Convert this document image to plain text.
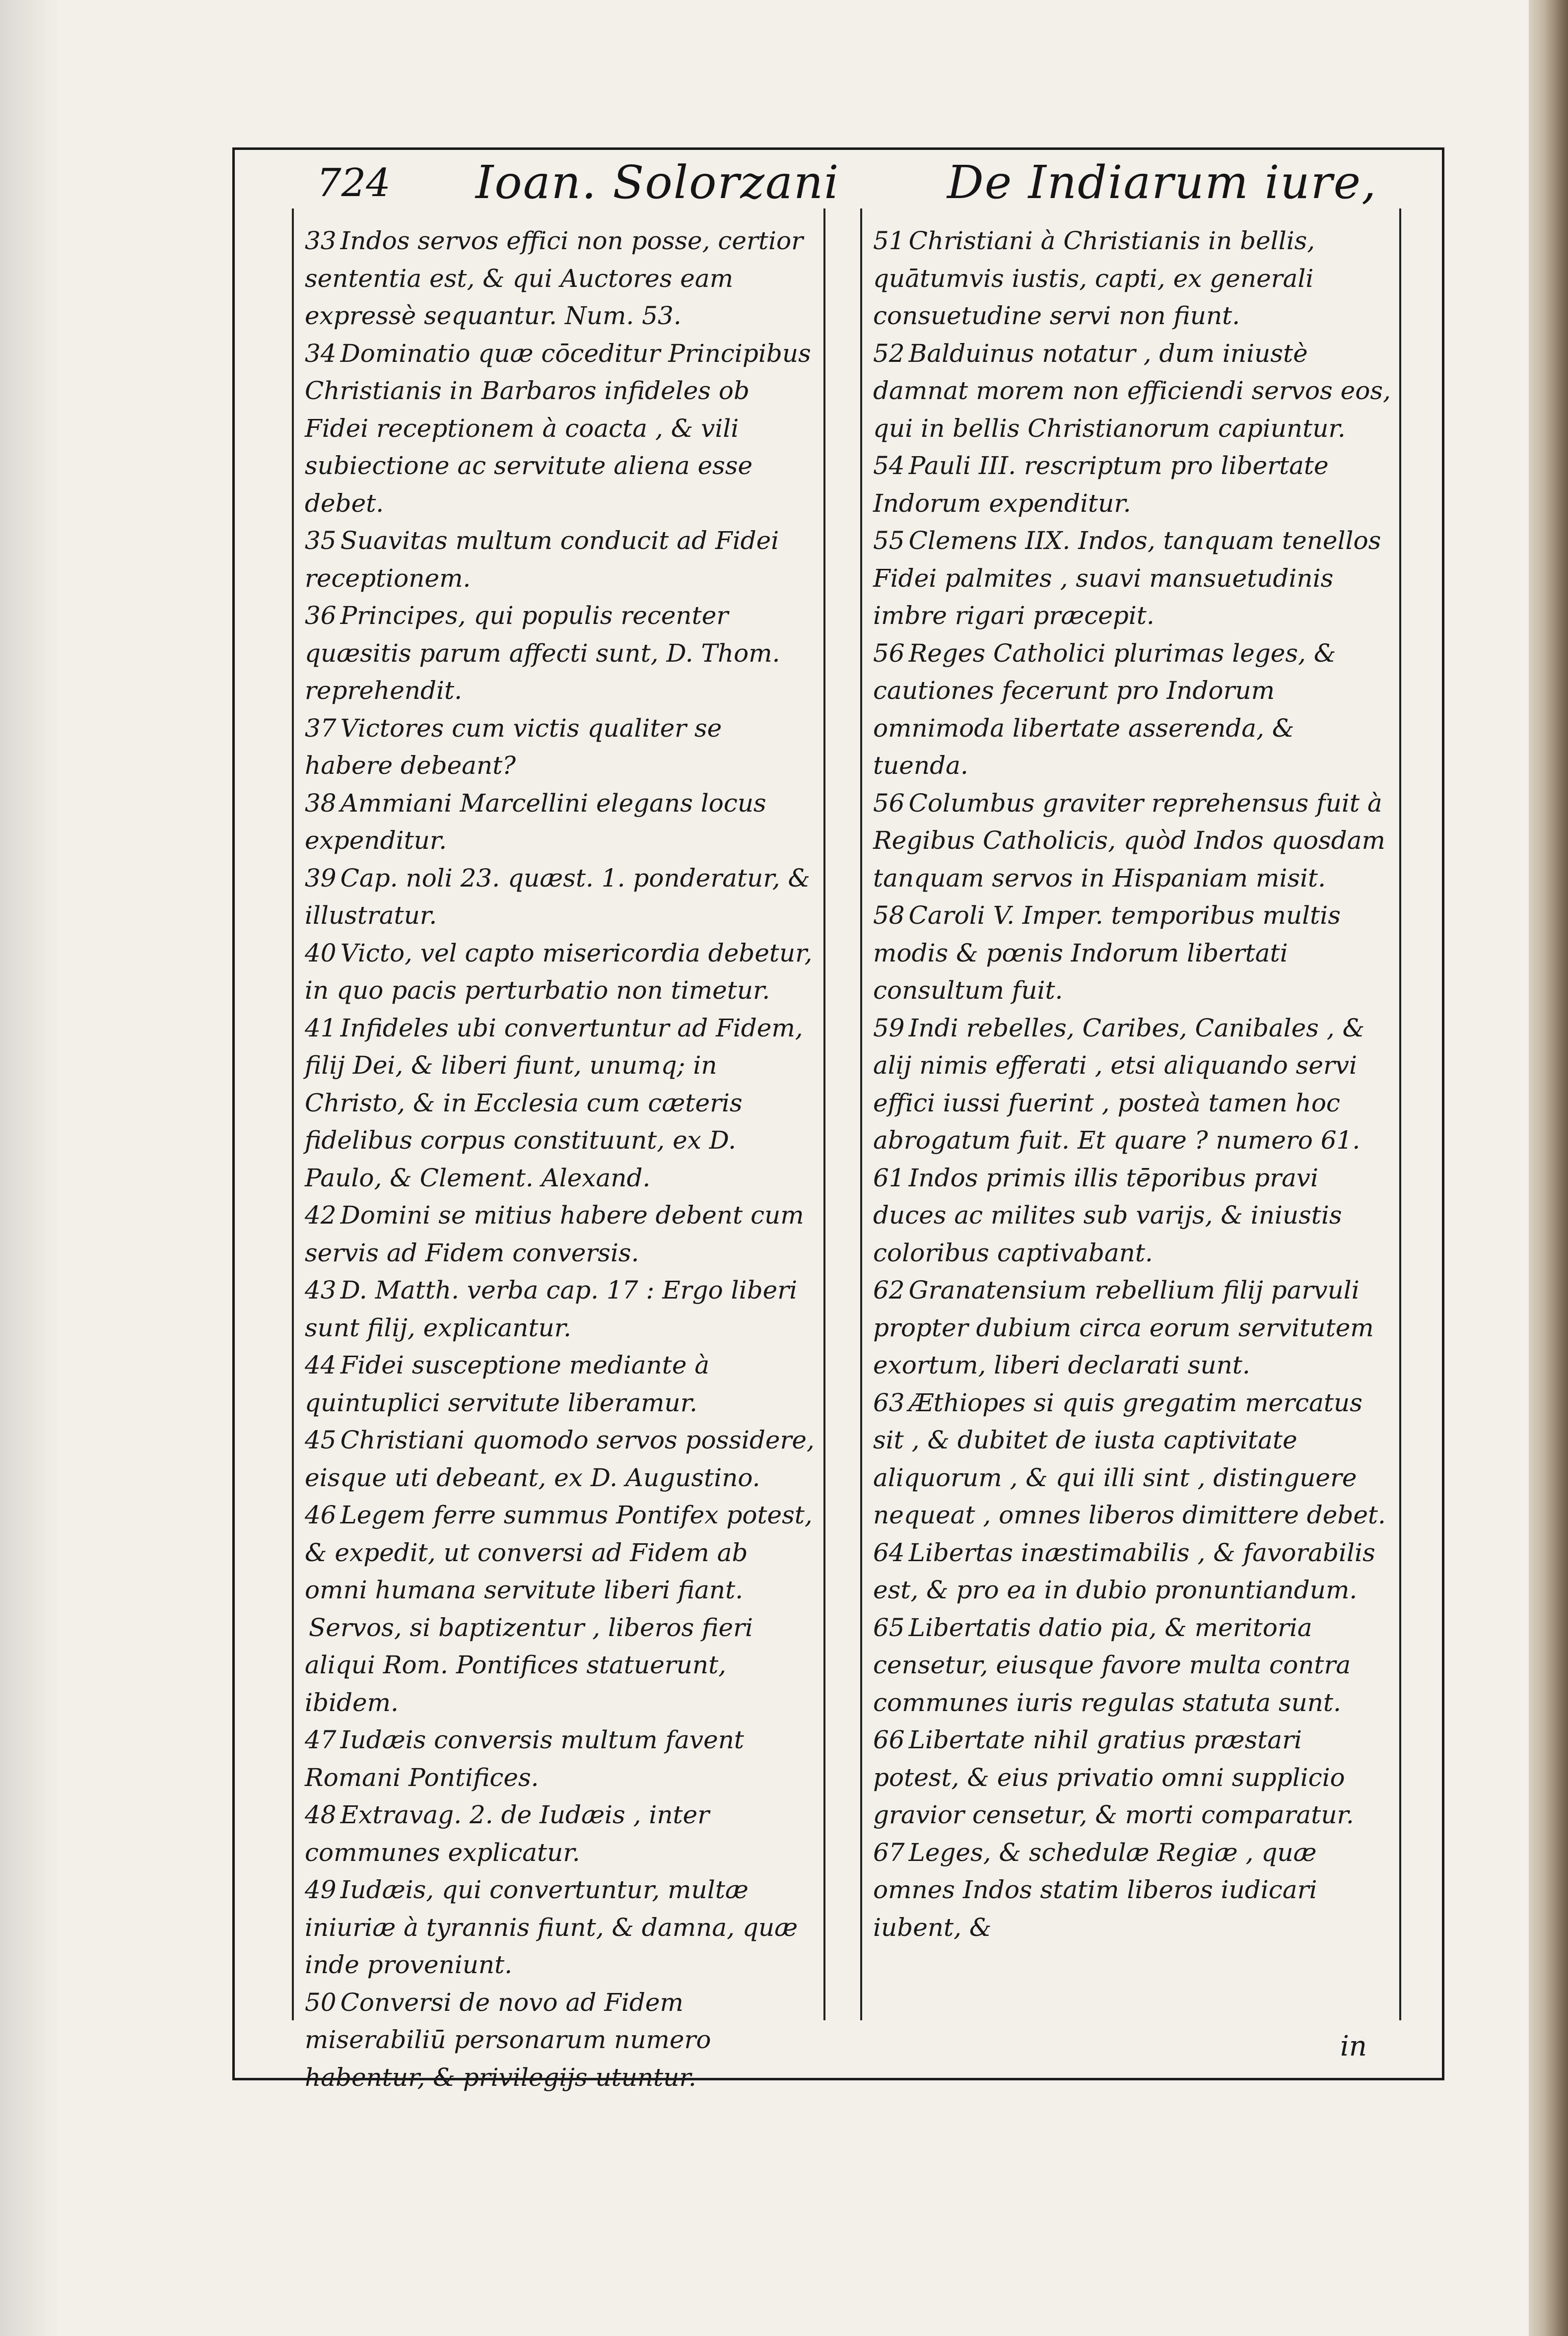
724 Ioan. Solorzani De Indiarum iure,

33 Indos servos effici non posse, certior sententia est, & qui Auctores eam expressè sequantur. Num. 53.

34 Dominatio quæ cōceditur Principibus Christianis in Barbaros infideles ob Fidei receptionem à coacta , & vili subiectione ac servitute aliena esse debet.

35 Suavitas multum conducit ad Fidei receptionem.

36 Principes, qui populis recenter quæsitis parum affecti sunt, D. Thom. reprehendit.

37 Victores cum victis qualiter se habere debeant?

38 Ammiani Marcellini elegans locus expenditur.

39 Cap. noli 23. quæst. 1. ponderatur, & illustratur.

40 Victo, vel capto misericordia debetur, in quo pacis perturbatio non timetur.

41 Infideles ubi convertuntur ad Fidem, filij Dei, & liberi fiunt, unumq; in Christo, & in Ecclesia cum cæteris fidelibus corpus constituunt, ex D. Paulo, & Clement. Alexand.

42 Domini se mitius habere debent cum servis ad Fidem conversis.

43 D. Matth. verba cap. 17 : Ergo liberi sunt filij, explicantur.

44 Fidei susceptione mediante à quintuplici servitute liberamur.

45 Christiani quomodo servos possidere, eisque uti debeant, ex D. Augustino.

46 Legem ferre summus Pontifex potest, & expedit, ut conversi ad Fidem ab omni humana servitute liberi fiant.

Servos, si baptizentur , liberos fieri aliqui Rom. Pontifices statuerunt, ibidem.

47 Iudæis conversis multum favent Romani Pontifices.

48 Extravag. 2. de Iudæis , inter communes explicatur.

49 Iudæis, qui convertuntur, multæ iniuriæ à tyrannis fiunt, & damna, quæ inde proveniunt.

50 Conversi de novo ad Fidem miserabiliū personarum numero habentur, & privilegijs utuntur.

51 Christiani à Christianis in bellis, quātumvis iustis, capti, ex generali consuetudine servi non fiunt.

52 Balduinus notatur , dum iniustè damnat morem non efficiendi servos eos, qui in bellis Christianorum capiuntur.

54 Pauli III. rescriptum pro libertate Indorum expenditur.

55 Clemens IIX. Indos, tanquam tenellos Fidei palmites , suavi mansuetudinis imbre rigari præcepit.

56 Reges Catholici plurimas leges, & cautiones fecerunt pro Indorum omnimoda libertate asserenda, & tuenda.

56 Columbus graviter reprehensus fuit à Regibus Catholicis, quòd Indos quosdam tanquam servos in Hispaniam misit.

58 Caroli V. Imper. temporibus multis modis & pœnis Indorum libertati consultum fuit.

59 Indi rebelles, Caribes, Canibales , & alij nimis efferati , etsi aliquando servi effici iussi fuerint , posteà tamen hoc abrogatum fuit. Et quare ? numero 61.

61 Indos primis illis tēporibus pravi duces ac milites sub varijs, & iniustis coloribus captivabant.

62 Granatensium rebellium filij parvuli propter dubium circa eorum servitutem exortum, liberi declarati sunt.

63 Æthiopes si quis gregatim mercatus sit , & dubitet de iusta captivitate aliquorum , & qui illi sint , distinguere nequeat , omnes liberos dimittere debet.

64 Libertas inæstimabilis , & favorabilis est, & pro ea in dubio pronuntiandum.

65 Libertatis datio pia, & meritoria censetur, eiusque favore multa contra communes iuris regulas statuta sunt.

66 Libertate nihil gratius præstari potest, & eius privatio omni supplicio gravior censetur, & morti comparatur.

67 Leges, & schedulæ Regiæ , quæ omnes Indos statim liberos iudicari iubent, &

in
